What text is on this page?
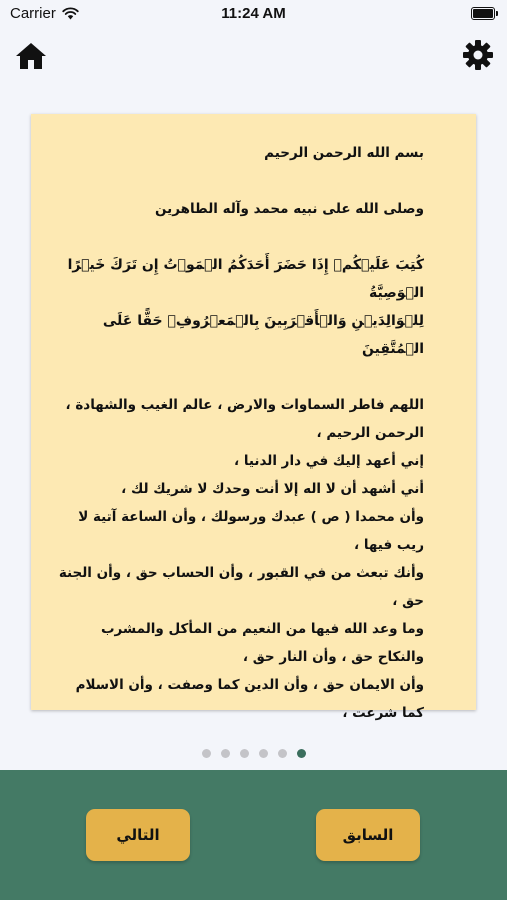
Carrier	11:24 AM

بسم الله الرحمن الرحيم

وصلى الله على نبيه محمد وآله الطاهرين

كُتِبَ عَلَيۡكُمۡ إِذَا حَضَرَ أَحَدَكُمُ الۡمَوۡتُ إِن تَرَكَ خَيۡرًا الۡوَصِيَّةُ

لِلۡوَالِدَيۡنِ وَالۡأَقۡرَبِينَ بِالۡمَعۡرُوفِۖ حَقًّا عَلَى الۡمُتَّقِينَ

اللهم فاطر السماوات والارض ، عالم الغيب والشهادة ، الرحمن الرحيم ،

إني أعهد إليك في دار الدنيا ،

أني أشهد أن لا اله إلا أنت وحدك لا شريك لك ،

وأن محمدا ( ص ) عبدك ورسولك ، وأن الساعة آتية لا ريب فيها ،

وأنك تبعث من في القبور ، وأن الحساب حق ، وأن الجنة حق ،

وما وعد الله فيها من النعيم من المأكل والمشرب والنكاح حق ، وأن النار حق ،

وأن الايمان حق ، وأن الدين كما وصفت ، وأن الاسلام كما شرعت ،

التالي	السابق
